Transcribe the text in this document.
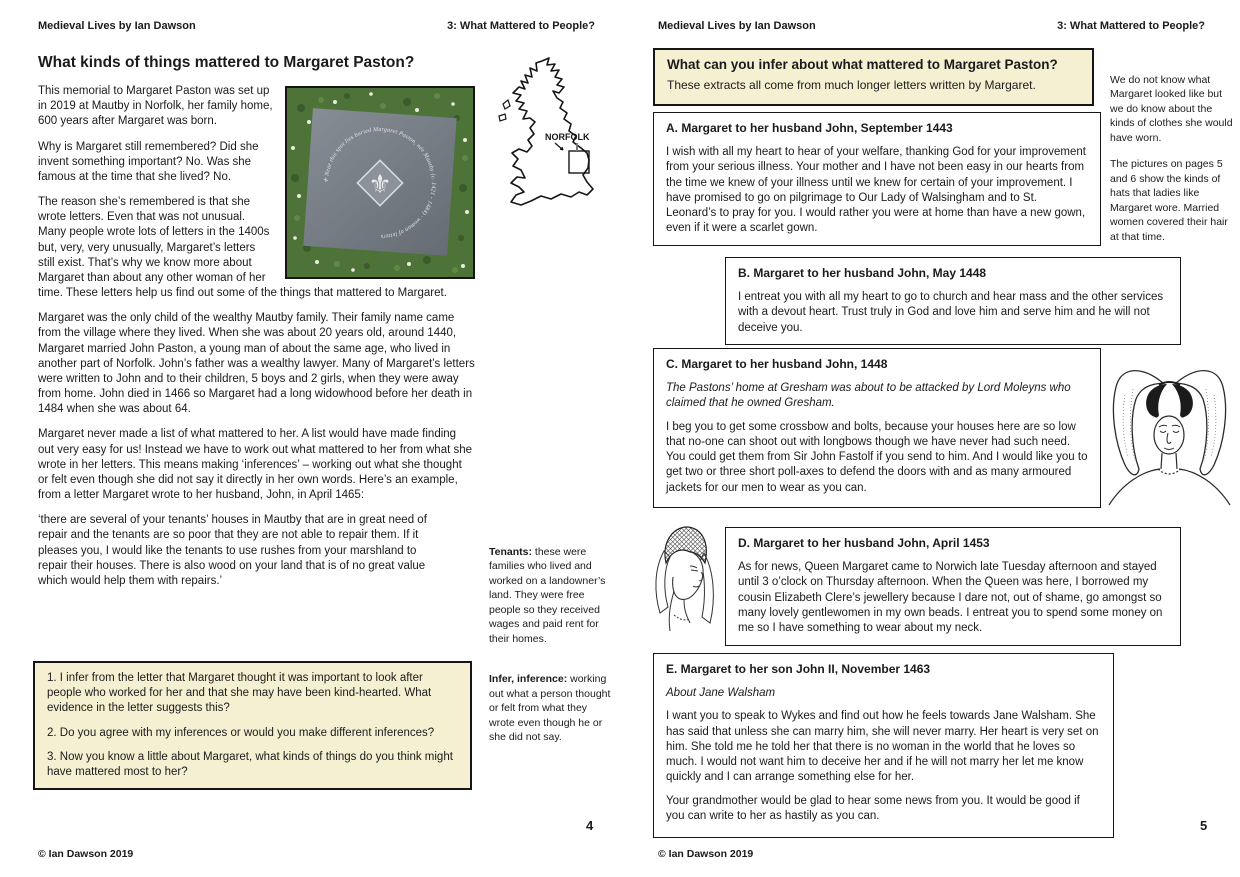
Medieval Lives by Ian Dawson	3: What Mattered to People?
What kinds of things mattered to Margaret Paston?
⚜
✛ Near this spot lies buried Margaret Paston, née Mautby (c. 1421 - 1484) · woman of letters

This memorial to Margaret Paston was set up in 2019 at Mautby in Norfolk, her family home, 600 years after Margaret was born.

Why is Margaret still remembered? Did she invent something important? No. Was she famous at the time that she lived? No.

The reason she’s remembered is that she wrote letters. Even that was not unusual. Many people wrote lots of letters in the 1400s but, very, very unusually, Margaret’s letters still exist. That’s why we know more about Margaret than about any other woman of her time. These letters help us find out some of the things that mattered to Margaret.

Margaret was the only child of the wealthy Mautby family. Their family name came from the village where they lived. When she was about 20 years old, around 1440, Margaret married John Paston, a young man of about the same age, who lived in another part of Norfolk. John’s father was a wealthy lawyer. Many of Margaret’s letters were written to John and to their children, 5 boys and 2 girls, when they were away from home. John died in 1466 so Margaret had a long widowhood before her death in 1484 when she was about 64.

Margaret never made a list of what mattered to her. A list would have made finding out very easy for us! Instead we have to work out what mattered to her from what she wrote in her letters. This means making ‘inferences’ – working out what she thought or felt even though she did not say it directly in her own words. Here’s an example, from a letter Margaret wrote to her husband, John, in April 1465:

‘there are several of your tenants’ houses in Mautby that are in great need of repair and the tenants are so poor that they are not able to repair them. If it pleases you, I would like the tenants to use rushes from your marshland to repair their houses. There is also wood on your land that is of no great value which would help them with repairs.’

NORFOLK
Tenants: these were families who lived and worked on a landowner’s land. They were free people so they received wages and paid rent for their homes.
Infer, inference: working out what a person thought or felt from what they wrote even though he or she did not say.

1. I infer from the letter that Margaret thought it was important to look after people who worked for her and that she may have been kind-hearted. What evidence in the letter suggests this?

2. Do you agree with my inferences or would you make different inferences?

3. Now you know a little about Margaret, what kinds of things do you think might have mattered most to her?

4
© Ian Dawson 2019
Medieval Lives by Ian Dawson	3: What Mattered to People?
What can you infer about what mattered to Margaret Paston?
These extracts all come from much longer letters written by Margaret.	We do not know what Margaret looked like but we do know about the kinds of clothes she would have worn.

The pictures on pages 5 and 6 show the kinds of hats that ladies like Margaret wore. Married women covered their hair at that time.

A. Margaret to her husband John, September 1443

I wish with all my heart to hear of your welfare, thanking God for your improvement from your serious illness. Your mother and I have not been easy in our hearts from the time we knew of your illness until we knew for certain of your improvement. I have promised to go on pilgrimage to Our Lady of Walsingham and to St. Leonard’s to pray for you. I would rather you were at home than have a new gown, even if it were a scarlet gown.

B. Margaret to her husband John, May 1448

I entreat you with all my heart to go to church and hear mass and the other services with a devout heart. Trust truly in God and love him and serve him and he will not deceive you.

C. Margaret to her husband John, 1448

The Pastons’ home at Gresham was about to be attacked by Lord Moleyns who claimed that he owned Gresham.

I beg you to get some crossbow and bolts, because your houses here are so low that no-one can shoot out with longbows though we have never had such need. You could get them from Sir John Fastolf if you send to him. And I would like you to get two or three short poll-axes to defend the doors with and as many armoured jackets for our men to wear as you can.

D. Margaret to her husband John, April 1453

As for news, Queen Margaret came to Norwich late Tuesday afternoon and stayed until 3 o’clock on Thursday afternoon. When the Queen was here, I borrowed my cousin Elizabeth Clere’s jewellery because I dare not, out of shame, go amongst so many lovely gentlewomen in my own beads. I entreat you to spend some money on me so I have something to wear about my neck.

E. Margaret to her son John II, November 1463

About Jane Walsham

I want you to speak to Wykes and find out how he feels towards Jane Walsham. She has said that unless she can marry him, she will never marry. Her heart is very set on him. She told me he told her that there is no woman in the world that he loves so much. I would not want him to deceive her and if he will not marry her let me know quickly and I can arrange something else for her.

Your grandmother would be glad to hear some news from you. It would be good if you can write to her as hastily as you can.

5
© Ian Dawson 2019
